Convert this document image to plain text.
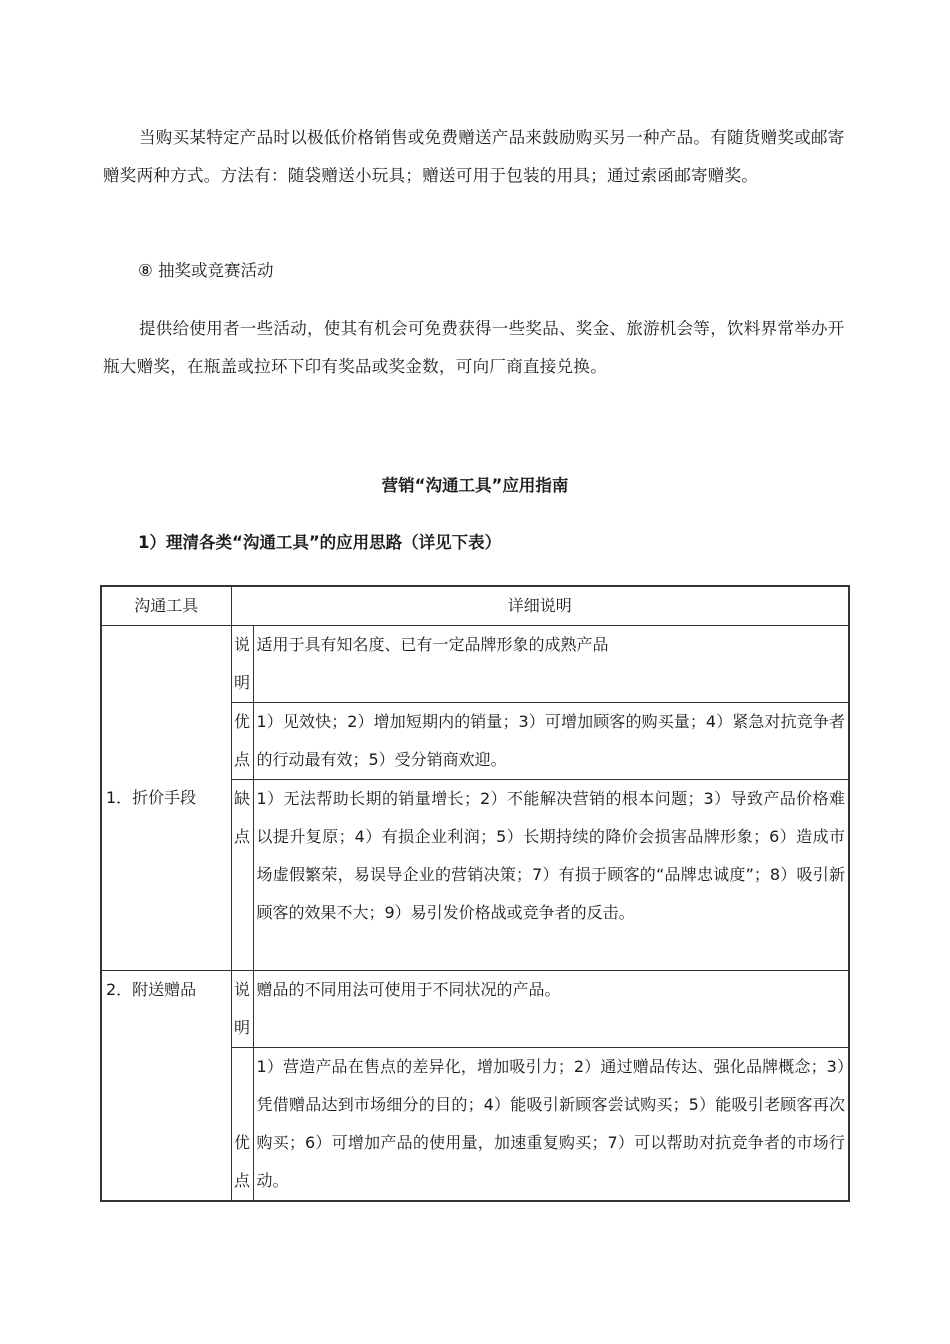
当购买某特定产品时以极低价格销售或免费赠送产品来鼓励购买另一种产品。有随货赠奖或邮寄赠奖两种方式。方法有：随袋赠送小玩具；赠送可用于包装的用具；通过索函邮寄赠奖。

⑧ 抽奖或竞赛活动

提供给使用者一些活动，使其有机会可免费获得一些奖品、奖金、旅游机会等，饮料界常举办开瓶大赠奖，在瓶盖或拉环下印有奖品或奖金数，可向厂商直接兑换。

营销“沟通工具”应用指南

1）理清各类“沟通工具”的应用思路（详见下表）

沟通工具	详细说明	
1．折价手段	说明	适用于具有知名度、已有一定品牌形象的成熟产品
	优点	1）见效快；2）增加短期内的销量；3）可增加顾客的购买量；4）紧急对抗竞争者的行动最有效；5）受分销商欢迎。
	缺点	1）无法帮助长期的销量增长；2）不能解决营销的根本问题；3）导致产品价格难以提升复原；4）有损企业利润；5）长期持续的降价会损害品牌形象；6）造成市场虚假繁荣，易误导企业的营销决策；7）有损于顾客的“品牌忠诚度”；8）吸引新顾客的效果不大；9）易引发价格战或竞争者的反击。
2．附送赠品	说明	赠品的不同用法可使用于不同状况的产品。
	优点	1）营造产品在售点的差异化，增加吸引力；2）通过赠品传达、强化品牌概念；3）凭借赠品达到市场细分的目的；4）能吸引新顾客尝试购买；5）能吸引老顾客再次购买；6）可增加产品的使用量，加速重复购买；7）可以帮助对抗竞争者的市场行动。
